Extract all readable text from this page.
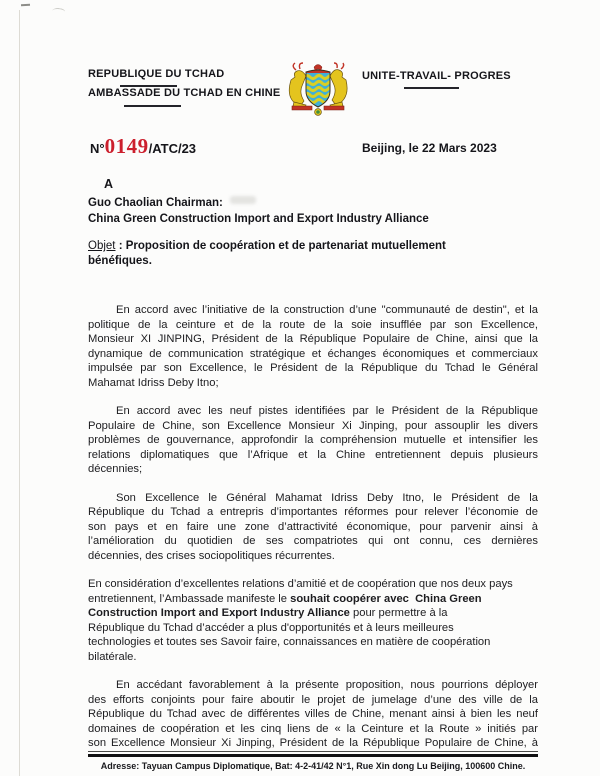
REPUBLIQUE DU TCHAD
AMBASSADE DU TCHAD EN CHINE
UNITE-TRAVAIL- PROGRES
N°0149/ATC/23	Beijing, le 22 Mars 2023
A
Guo Chaolian Chairman:
China Green Construction Import and Export Industry Alliance
Objet : Proposition de coopération et de partenariat mutuellement
bénéfiques.
En accord avec l’initiative de la construction d’une "communauté de destin", et la
politique de la ceinture et de la route de la soie insufflée par son Excellence,
Monsieur XI JINPING, Président de la République Populaire de Chine, ainsi que la
dynamique de communication stratégique et échanges économiques et commerciaux
impulsée par son Excellence, le Président de la République du Tchad le Général
Mahamat Idriss Deby Itno;
En accord avec les neuf pistes identifiées par le Président de la République
Populaire de Chine, son Excellence Monsieur Xi Jinping, pour assouplir les divers
problèmes de gouvernance, approfondir la compréhension mutuelle et intensifier les
relations diplomatiques que l’Afrique et la Chine entretiennent depuis plusieurs
décennies;
Son Excellence le Général Mahamat Idriss Deby Itno, le Président de la
République du Tchad a entrepris d’importantes réformes pour relever l’économie de
son pays et en faire une zone d’attractivité économique, pour parvenir ainsi à
l’amélioration du quotidien de ses compatriotes qui ont connu, ces dernières
décennies, des crises sociopolitiques récurrentes.
En considération d’excellentes relations d’amitié et de coopération que nos deux pays
entretiennent, l’Ambassade manifeste le souhait coopérer avec  China Green
Construction Import and Export Industry Alliance pour permettre à la
République du Tchad d’accéder a plus d'opportunités et à leurs meilleures
technologies et toutes ses Savoir faire, connaissances en matière de coopération
bilatérale.
En accédant favorablement à la présente proposition, nous pourrions déployer
des efforts conjoints pour faire aboutir le projet de jumelage d’une des ville de la
République du Tchad avec de différentes villes de Chine, menant ainsi à bien les neuf
domaines de coopération et les cinq liens de « la Ceinture et la Route » initiés par
son Excellence Monsieur Xi Jinping, Président de la République Populaire de Chine, à
Adresse: Tayuan Campus Diplomatique, Bat: 4-2-41/42 N°1, Rue Xin dong Lu Beijing, 100600 Chine.
